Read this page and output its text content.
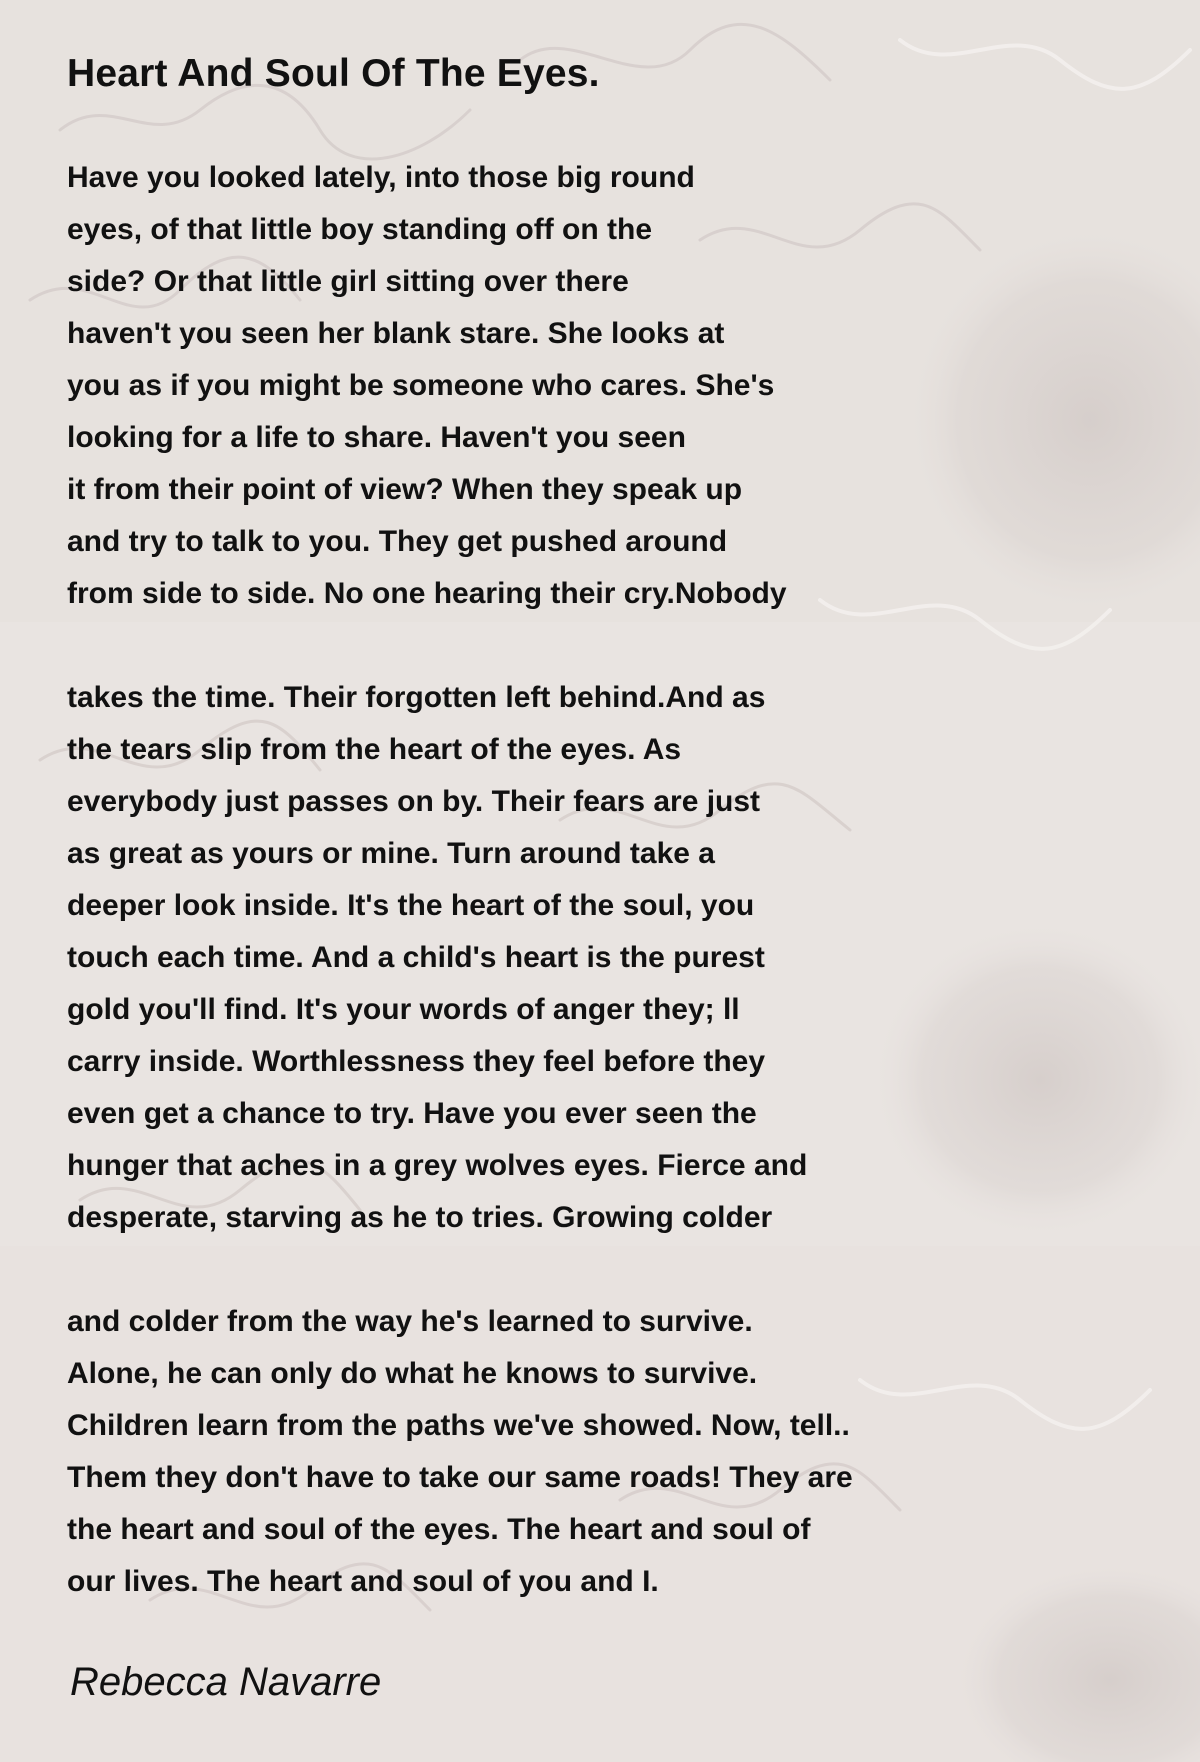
Heart And Soul Of The Eyes.
Have you looked lately, into those big round
eyes, of that little boy standing off on the
side? Or that little girl sitting over there
haven't you seen her blank stare. She looks at
you as if you might be someone who cares. She's
looking for a life to share. Haven't you seen
it from their point of view? When they speak up
and try to talk to you. They get pushed around
from side to side. No one hearing their cry.Nobody
takes the time. Their forgotten left behind.And as
the tears slip from the heart of the eyes. As
everybody just passes on by. Their fears are just
as great as yours or mine. Turn around take a
deeper look inside. It's the heart of the soul, you
touch each time. And a child's heart is the purest
gold you'll find. It's your words of anger they; ll
carry inside. Worthlessness they feel before they
even get a chance to try. Have you ever seen the
hunger that aches in a grey wolves eyes. Fierce and
desperate, starving as he to tries. Growing colder
and colder from the way he's learned to survive.
Alone, he can only do what he knows to survive.
Children learn from the paths we've showed. Now, tell..
Them they don't have to take our same roads! They are
the heart and soul of the eyes. The heart and soul of
our lives. The heart and soul of you and I.

Rebecca Navarre
